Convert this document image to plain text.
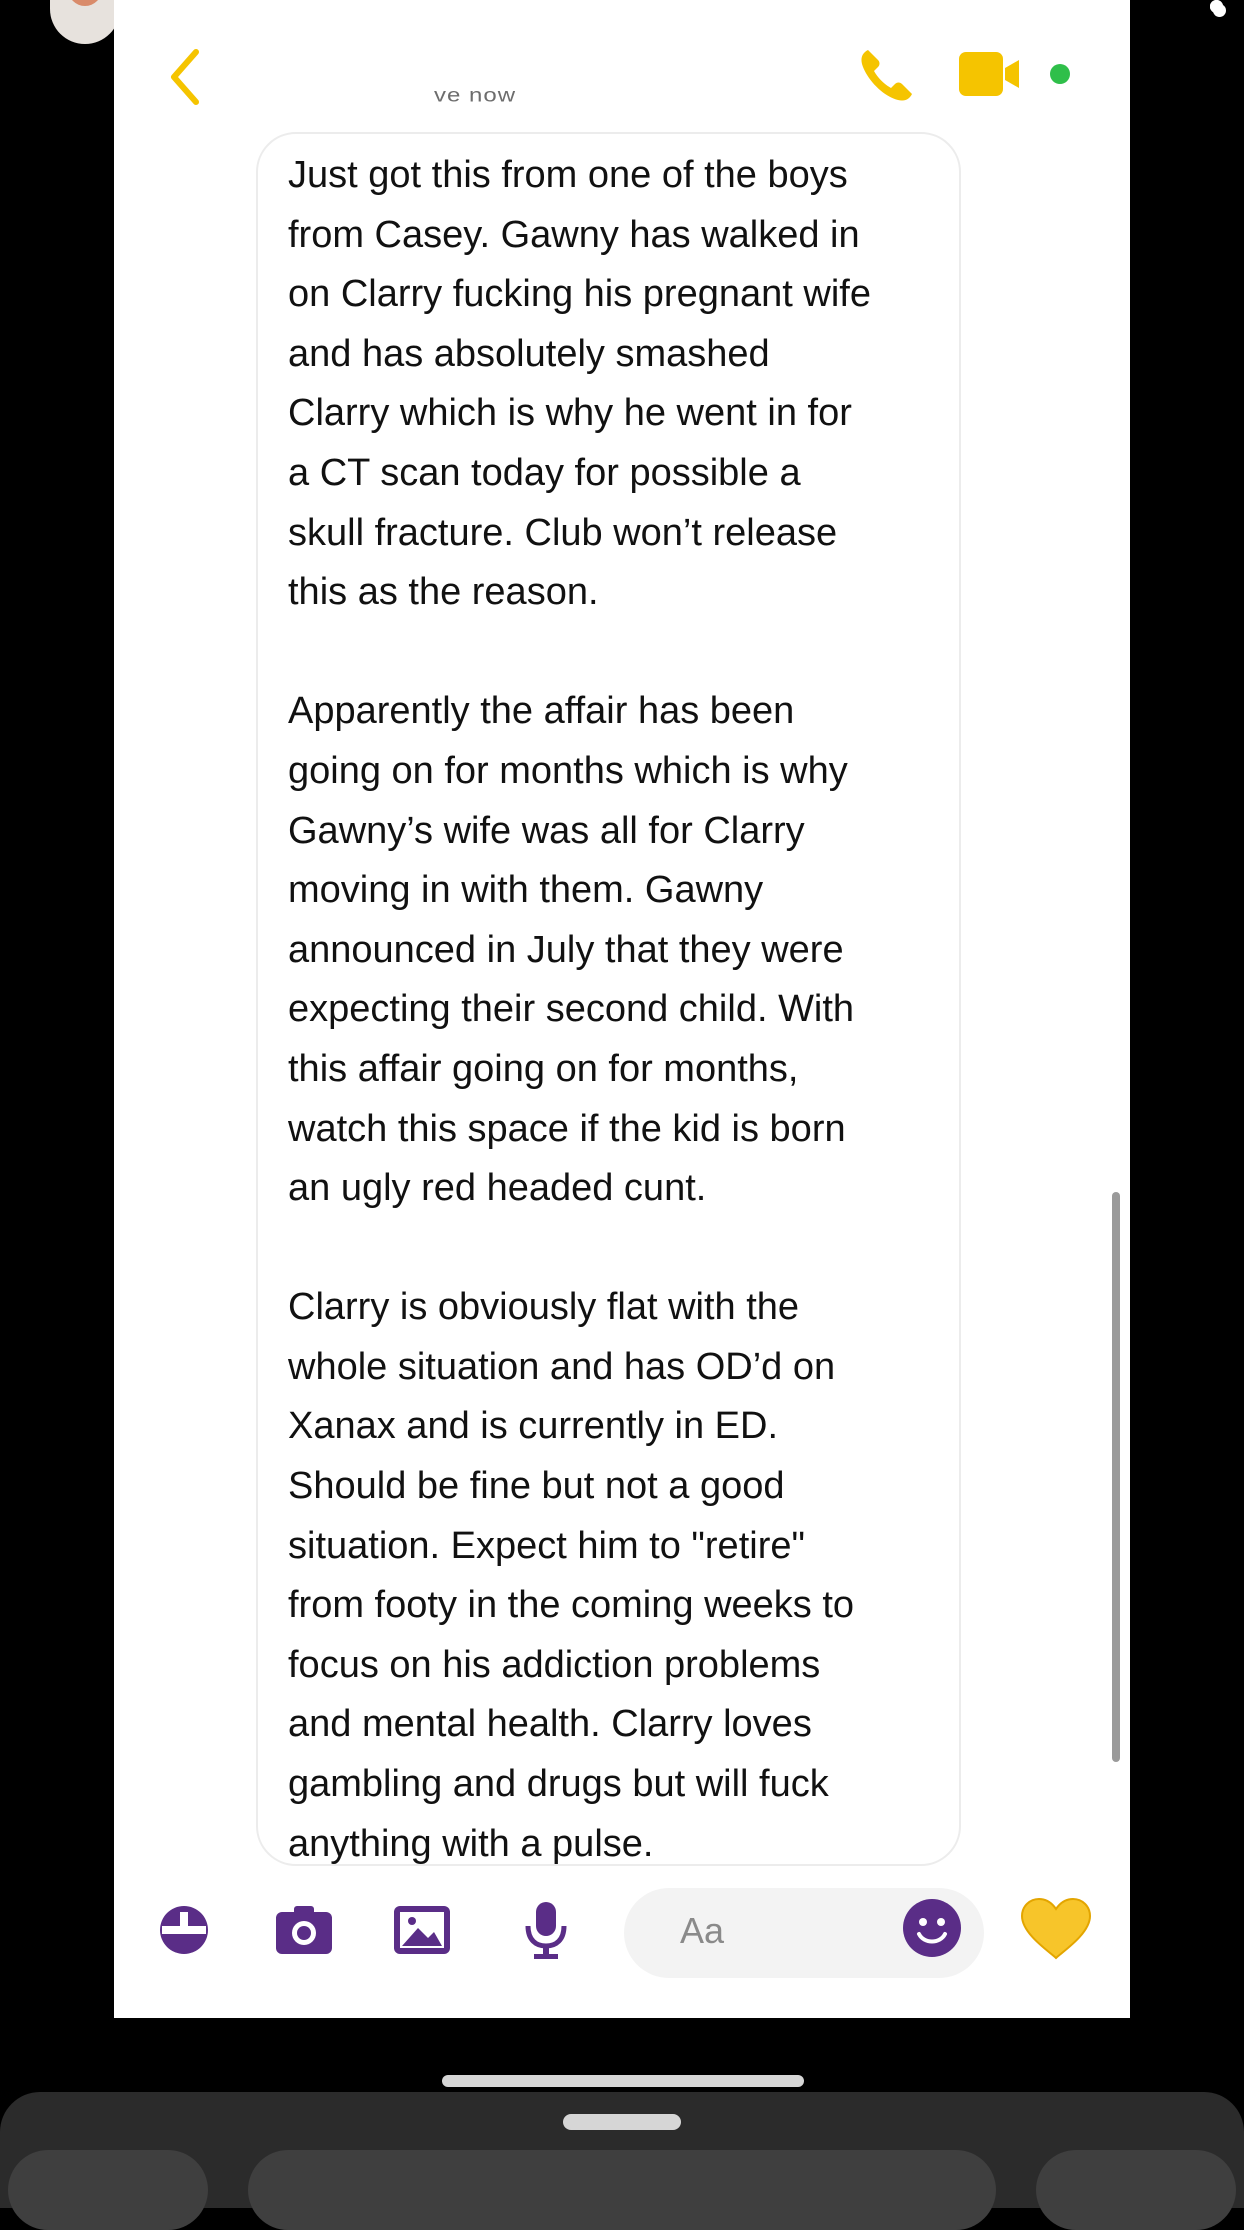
ve now

Just got this from one of the boys
from Casey. Gawny has walked in
on Clarry fucking his pregnant wife
and has absolutely smashed
Clarry which is why he went in for
a CT scan today for possible a
skull fracture. Club won’t release
this as the reason.

Apparently the affair has been
going on for months which is why
Gawny’s wife was all for Clarry
moving in with them. Gawny
announced in July that they were
expecting their second child. With
this affair going on for months,
watch this space if the kid is born
an ugly red headed cunt.

Clarry is obviously flat with the
whole situation and has OD’d on
Xanax and is currently in ED.
Should be fine but not a good
situation. Expect him to "retire"
from footy in the coming weeks to
focus on his addiction problems
and mental health. Clarry loves
gambling and drugs but will fuck
anything with a pulse.

Aa
